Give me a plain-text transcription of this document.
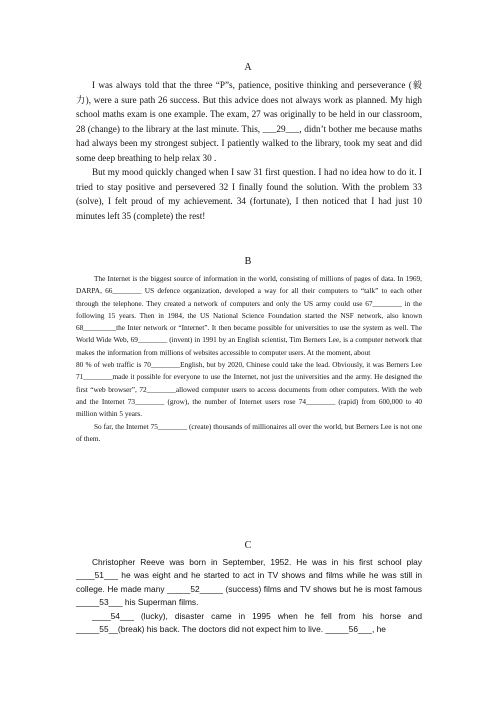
A

I was always told that the three “P”s, patience, positive thinking and perseverance (毅力), were a sure path 26 success. But this advice does not always work as planned. My high school maths exam is one example. The exam, 27 was originally to be held in our classroom, 28 (change) to the library at the last minute. This, ___29___, didn’t bother me because maths had always been my strongest subject. I patiently walked to the library, took my seat and did some deep breathing to help relax 30 .

But my mood quickly changed when I saw 31 first question. I had no idea how to do it. I tried to stay positive and persevered 32 I finally found the solution. With the problem 33 (solve), I felt proud of my achievement. 34 (fortunate), I then noticed that I had just 10 minutes left 35 (complete) the rest!

B

The Internet is the biggest source of information in the world, consisting of millions of pages of data. In 1969, DARPA, 66________ US defence organization, developed a way for all their computers to “talk” to each other through the telephone. They created a network of computers and only the US army could use 67________ in the following 15 years. Then in 1984, the US National Science Foundation started the NSF network, also known 68_________the Inter network or “Internet”. It then became possible for universities to use the system as well. The World Wide Web, 69________ (invent) in 1991 by an English scientist, Tim Berners Lee, is a computer network that makes the information from millions of websites accessible to computer users. At the moment, about

80 % of web traffic is 70________English, but by 2020, Chinese could take the lead. Obviously, it was Berners Lee 71________made it possible for everyone to use the Internet, not just the universities and the army. He designed the first “web browser”, 72________allowed computer users to access documents from other computers. With the web and the Internet 73________ (grow), the number of Internet users rose 74________ (rapid) from 600,000 to 40 million within 5 years.

So far, the Internet 75________ (create) thousands of millionaires all over the world, but Berners Lee is not one of them.

C

Christopher Reeve was born in September, 1952. He was in his first school play ____51___ he was eight and he started to act in TV shows and films while he was still in college. He made many _____52_____ (success) films and TV shows but he is most famous _____53___ his Superman films.

____54___ (lucky), disaster came in 1995 when he fell from his horse and _____55__(break) his back. The doctors did not expect him to live. _____56___, he
